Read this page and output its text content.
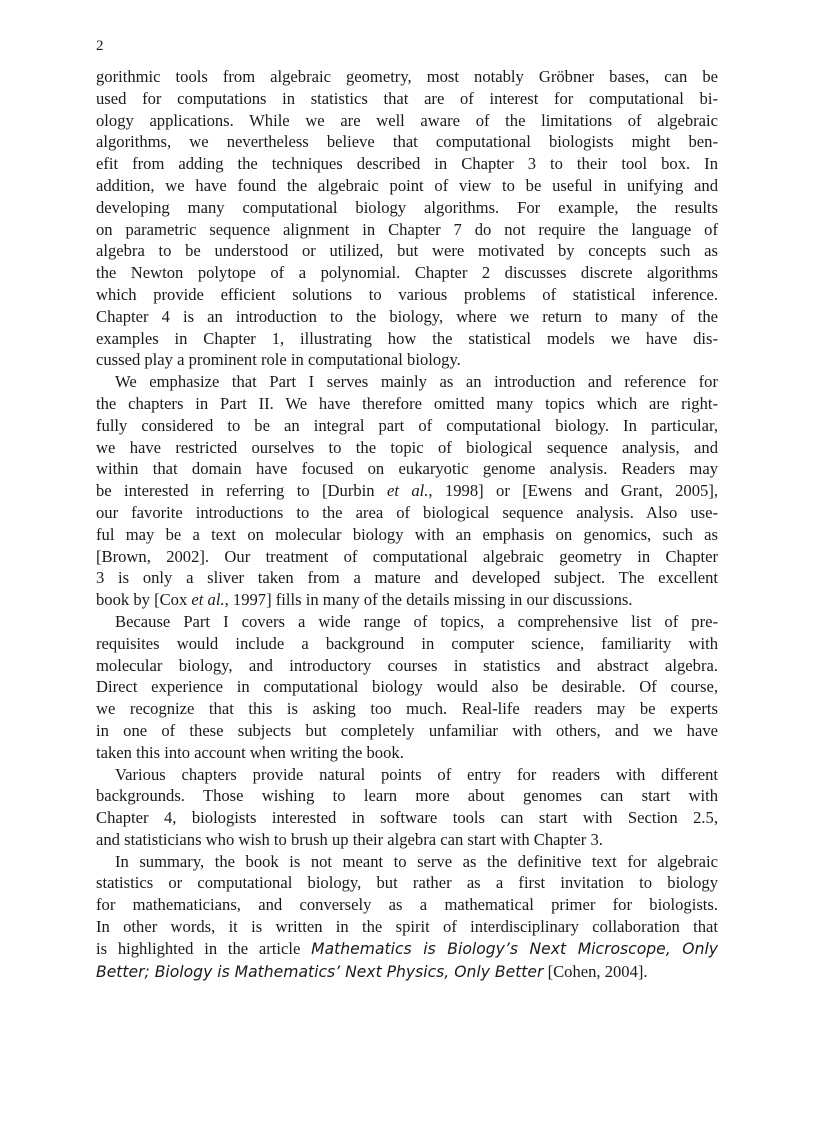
2
gorithmic tools from algebraic geometry, most notably Gröbner bases, can be
used for computations in statistics that are of interest for computational bi-
ology applications. While we are well aware of the limitations of algebraic
algorithms, we nevertheless believe that computational biologists might ben-
efit from adding the techniques described in Chapter 3 to their tool box. In
addition, we have found the algebraic point of view to be useful in unifying and
developing many computational biology algorithms. For example, the results
on parametric sequence alignment in Chapter 7 do not require the language of
algebra to be understood or utilized, but were motivated by concepts such as
the Newton polytope of a polynomial. Chapter 2 discusses discrete algorithms
which provide efficient solutions to various problems of statistical inference.
Chapter 4 is an introduction to the biology, where we return to many of the
examples in Chapter 1, illustrating how the statistical models we have dis-
cussed play a prominent role in computational biology.
We emphasize that Part I serves mainly as an introduction and reference for
the chapters in Part II. We have therefore omitted many topics which are right-
fully considered to be an integral part of computational biology. In particular,
we have restricted ourselves to the topic of biological sequence analysis, and
within that domain have focused on eukaryotic genome analysis. Readers may
be interested in referring to [Durbin et al., 1998] or [Ewens and Grant, 2005],
our favorite introductions to the area of biological sequence analysis. Also use-
ful may be a text on molecular biology with an emphasis on genomics, such as
[Brown, 2002]. Our treatment of computational algebraic geometry in Chapter
3 is only a sliver taken from a mature and developed subject. The excellent
book by [Cox et al., 1997] fills in many of the details missing in our discussions.
Because Part I covers a wide range of topics, a comprehensive list of pre-
requisites would include a background in computer science, familiarity with
molecular biology, and introductory courses in statistics and abstract algebra.
Direct experience in computational biology would also be desirable. Of course,
we recognize that this is asking too much. Real-life readers may be experts
in one of these subjects but completely unfamiliar with others, and we have
taken this into account when writing the book.
Various chapters provide natural points of entry for readers with different
backgrounds. Those wishing to learn more about genomes can start with
Chapter 4, biologists interested in software tools can start with Section 2.5,
and statisticians who wish to brush up their algebra can start with Chapter 3.
In summary, the book is not meant to serve as the definitive text for algebraic
statistics or computational biology, but rather as a first invitation to biology
for mathematicians, and conversely as a mathematical primer for biologists.
In other words, it is written in the spirit of interdisciplinary collaboration that
is highlighted in the article Mathematics is Biology’s Next Microscope, Only
Better; Biology is Mathematics’ Next Physics, Only Better [Cohen, 2004].
